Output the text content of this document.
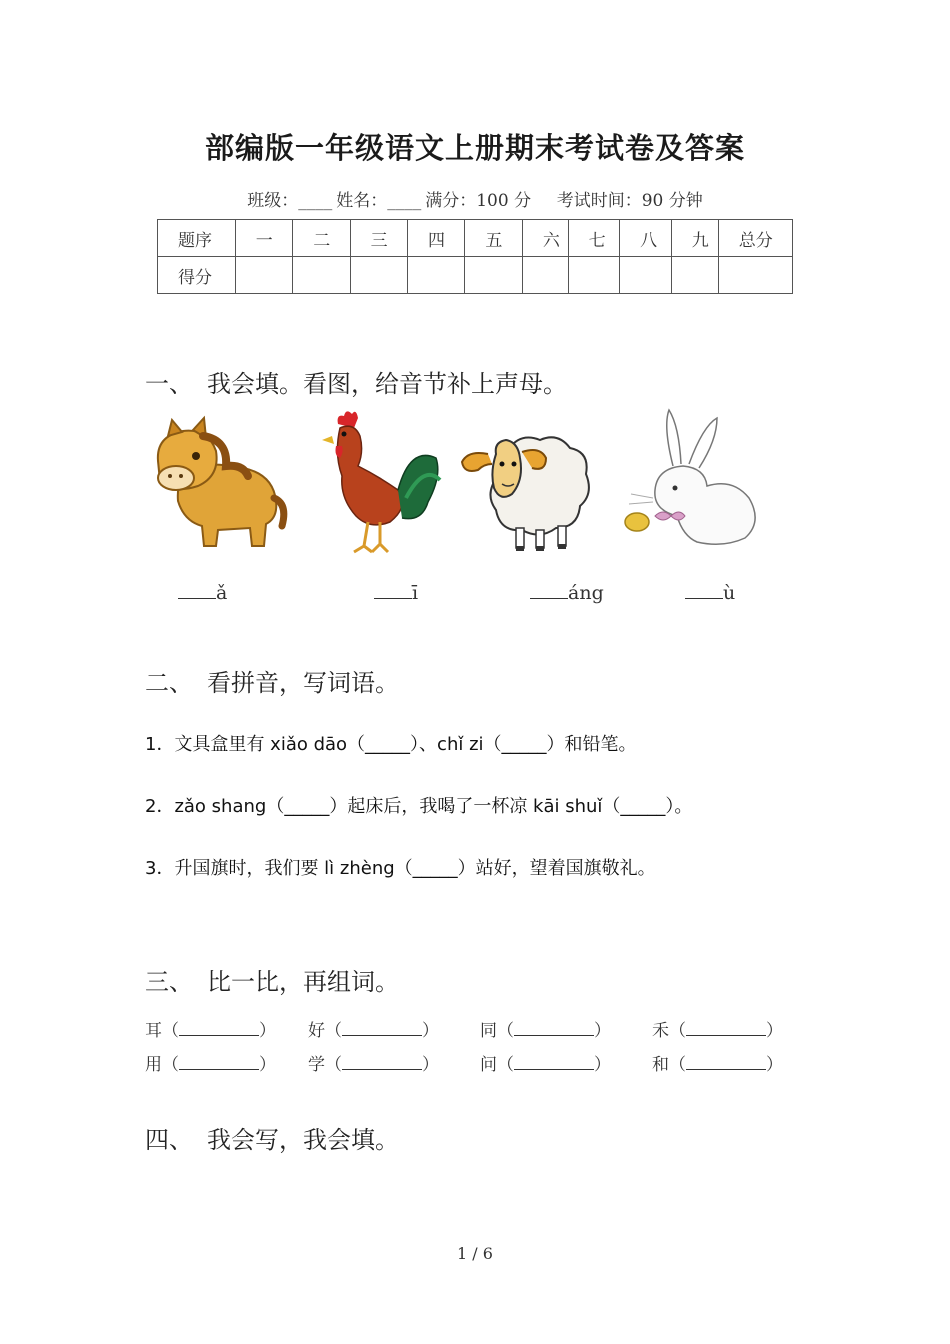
部编版一年级语文上册期末考试卷及答案
班级：____ 姓名：____ 满分：100 分 考试时间：90 分钟
题序	一	二	三	四	五	六	七	八	九	总分
得分										
一、 我会填。看图，给音节补上声母。
ǎ	ī	áng	ù
二、 看拼音，写词语。
1．文具盒里有 xiǎo dāo（_____）、chǐ zi（_____）和铅笔。
2．zǎo shang（_____）起床后，我喝了一杯凉 kāi shuǐ（_____）。
3．升国旗时，我们要 lì zhèng（_____）站好，望着国旗敬礼。
三、 比一比，再组词。
耳（	） 好（	） 同（	） 禾（	）
用（	） 学（	） 问（	） 和（	）
四、 我会写，我会填。
1 / 6
